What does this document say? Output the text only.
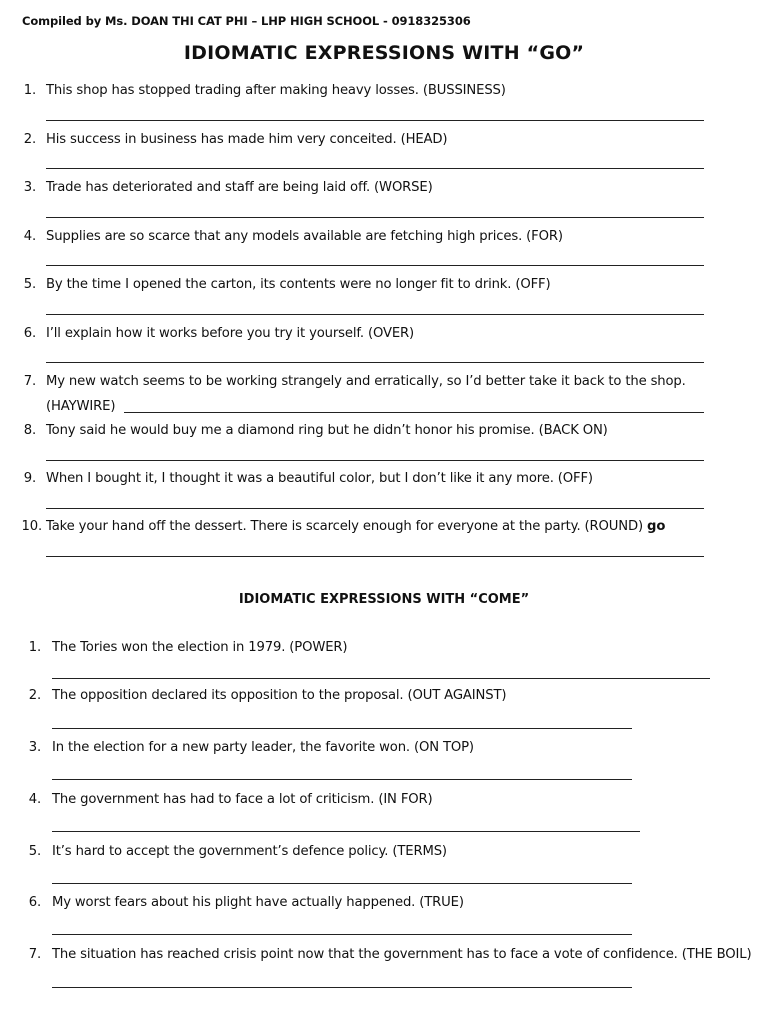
Compiled by Ms. DOAN THI CAT PHI – LHP HIGH SCHOOL - 0918325306
IDIOMATIC EXPRESSIONS WITH “GO”
1. This shop has stopped trading after making heavy losses. (BUSSINESS)
2. His success in business has made him very conceited. (HEAD)
3. Trade has deteriorated and staff are being laid off. (WORSE)
4. Supplies are so scarce that any models available are fetching high prices. (FOR)
5. By the time I opened the carton, its contents were no longer fit to drink. (OFF)
6. I’ll explain how it works before you try it yourself. (OVER)
7. My new watch seems to be working strangely and erratically, so I’d better take it back to the shop.
(HAYWIRE)
8. Tony said he would buy me a diamond ring but he didn’t honor his promise. (BACK ON)
9. When I bought it, I thought it was a beautiful color, but I don’t like it any more. (OFF)
10. Take your hand off the dessert. There is scarcely enough for everyone at the party. (ROUND) go
IDIOMATIC EXPRESSIONS WITH “COME”
1. The Tories won the election in 1979. (POWER)
2. The opposition declared its opposition to the proposal. (OUT AGAINST)
3. In the election for a new party leader, the favorite won. (ON TOP)
4. The government has had to face a lot of criticism. (IN FOR)
5. It’s hard to accept the government’s defence policy. (TERMS)
6. My worst fears about his plight have actually happened. (TRUE)
7. The situation has reached crisis point now that the government has to face a vote of confidence. (THE BOIL)
